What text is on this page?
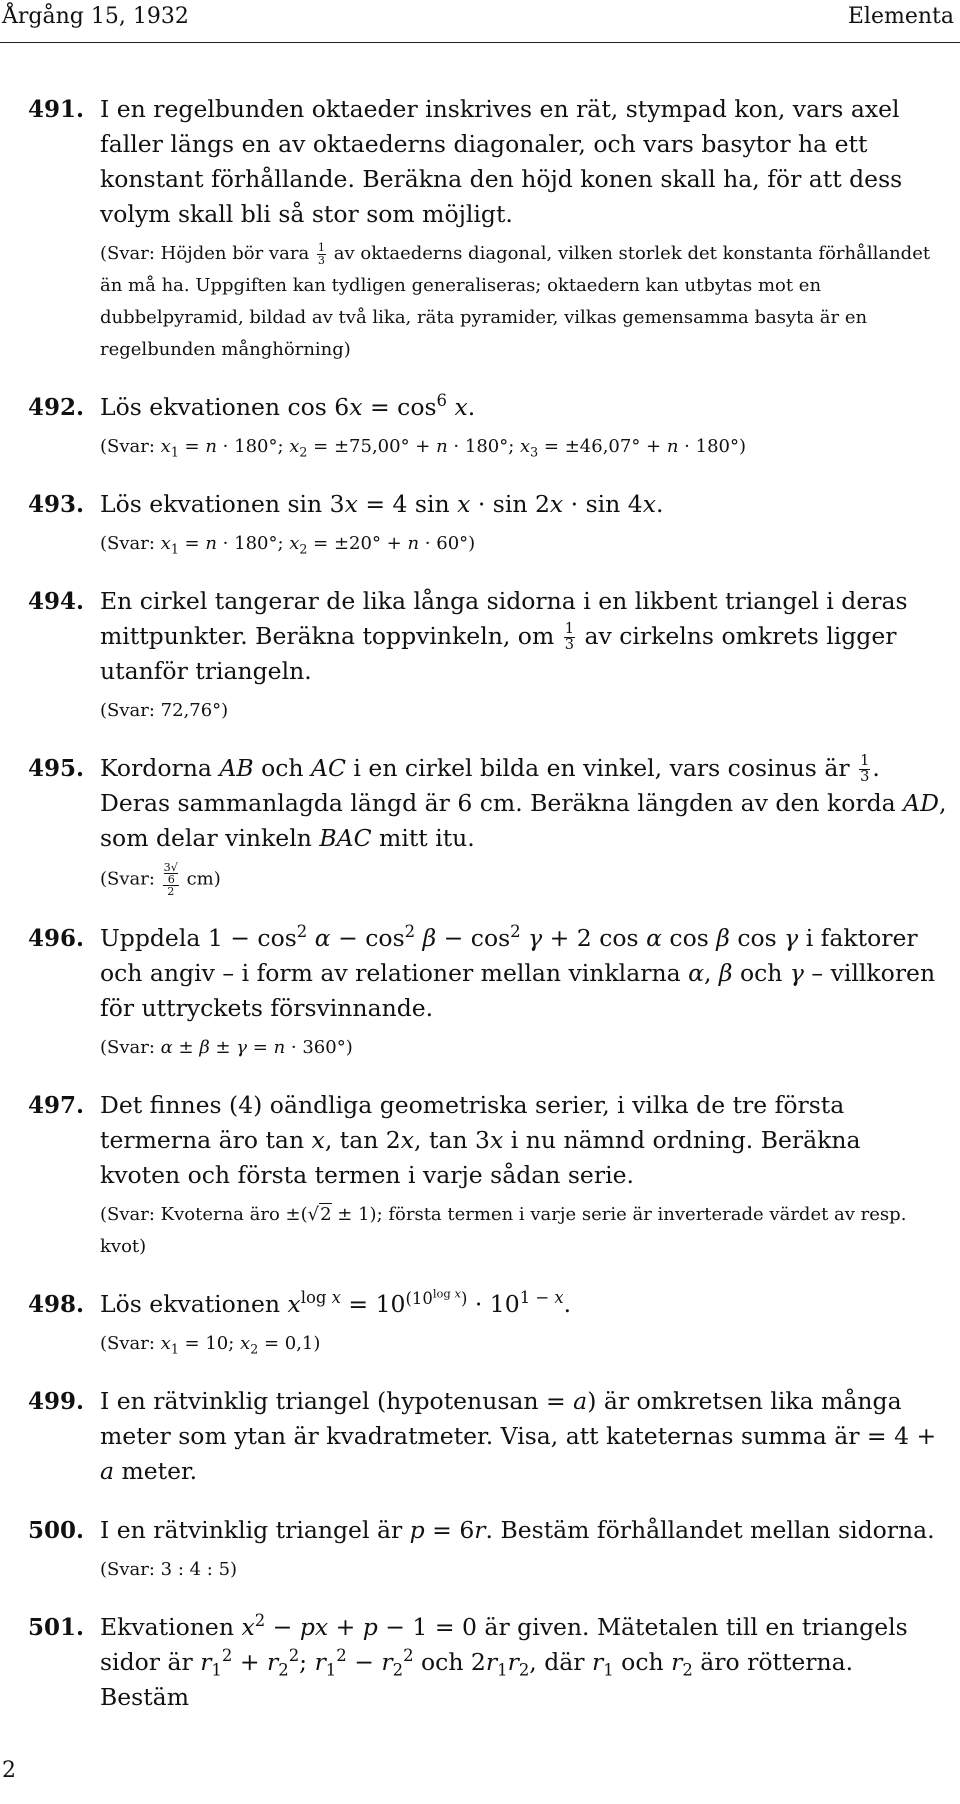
Årgång 15, 1932	Elementa
491. I en regelbunden oktaeder inskrives en rät, stympad kon, vars axel faller längs en av oktaederns diagonaler, och vars basytor ha ett konstant förhållande. Beräkna den höjd konen skall ha, för att dess volym skall bli så stor som möjligt.

(Svar: Höjden bör vara $\frac{1}{3}$ av oktaederns diagonal, vilken storlek det konstanta förhållandet än må ha. Uppgiften kan tydligen generaliseras; oktaedern kan utbytas mot en dubbelpyramid, bildad av två lika, räta pyramider, vilkas gemensamma basyta är en regelbunden månghörning)

492. Lös ekvationen $\cos 6x = \cos^6 x$.

(Svar: $x_1 = n \cdot 180^\circ$; $x_2 = \pm 75,00^\circ + n \cdot 180^\circ$; $x_3 = \pm 46,07^\circ + n \cdot 180^\circ$)

493. Lös ekvationen sin 3x = 4 sin x · sin 2x · sin 4x.

(Svar: $x_1 = n \cdot 180^\circ$; $x_2 = \pm 20^\circ + n \cdot 60^\circ$)

494. En cirkel tangerar de lika långa sidorna i en likbent triangel i deras mittpunkter. Beräkna toppvinkeln, om $\frac{1}{3}$ av cirkelns omkrets ligger utanför triangeln.

(Svar: 72,76°)

495. Kordorna AB och AC i en cirkel bilda en vinkel, vars cosinus är $\frac{1}{3}$ . Deras sammanlagda längd är 6 cm. Beräkna längden av den korda AD, som delar vinkeln BAC mitt itu.

(Svar: 3√
6
2 cm)

496. Uppdela $1 - \cos^2 \alpha - \cos^2 \beta - \cos^2 \gamma + 2$ cos α cos β cos γ i faktorer och angiv – i form av relationer mellan vinklarna α, β och γ – villkoren för uttryckets försvinnande.

(Svar: α ± β ± γ = n · 360°)

497. Det finnes (4) oändliga geometriska serier, i vilka de tre första termerna äro tan x, tan 2x, tan 3x i nu nämnd ordning. Beräkna kvoten och första termen i varje sådan serie.

(Svar: Kvoterna äro ±(√2 ± 1); första termen i varje serie är inverterade värdet av resp. kvot)

498. Lös ekvationen $x^{log x} = 10^{(10^{log x})} \cdot 10^{1 - x}$.

(Svar: $x_1 = 10$; $x_2 = 0,1$)

499. I en rätvinklig triangel (hypotenusan = a) är omkretsen lika många meter som ytan är kvadratmeter. Visa, att kateternas summa är = 4 + a meter.

500. I en rätvinklig triangel är p = 6r. Bestäm förhållandet mellan sidorna.

(Svar: 3 : 4 : 5)

501. Ekvationen $x^2$ − px + p − 1 = 0 är given. Mätetalen till en triangels sidor är $r_1^2 + r_2^2$; $r_1^2 - r_2^2$ och $2r_1r_2$, där $r_1$ och $r_2$ äro rötterna. Bestäm

2
